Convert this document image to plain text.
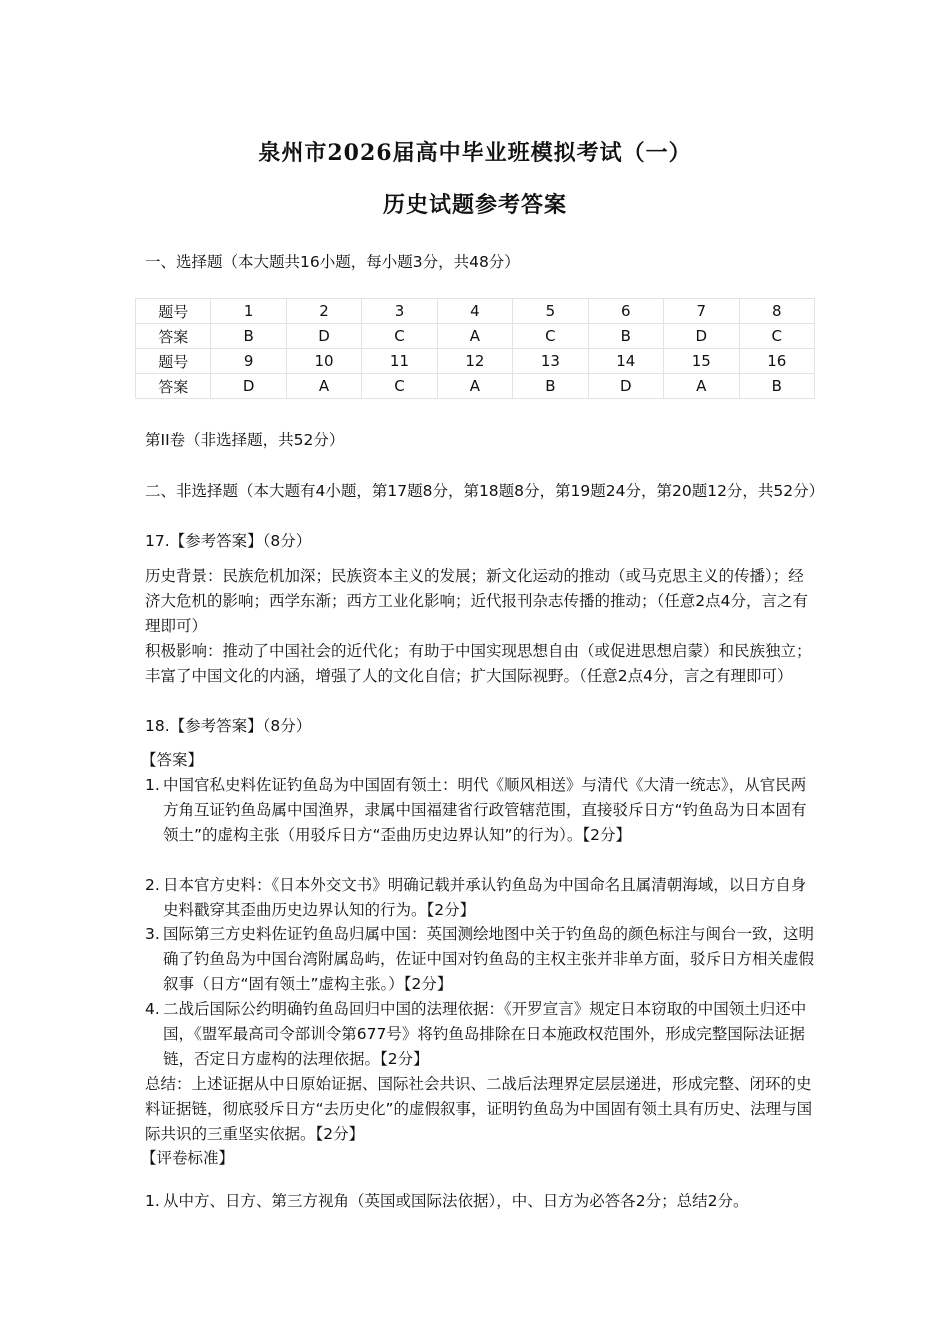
泉州市2026届高中毕业班模拟考试（一）
历史试题参考答案
一、选择题（本大题共16小题，每小题3分，共48分）
题号	1	2	3	4	5	6	7	8
答案	B	D	C	A	C	B	D	C
题号	9	10	11	12	13	14	15	16
答案	D	A	C	A	B	D	A	B
第II卷（非选择题，共52分）
二、非选择题（本大题有4小题，第17题8分，第18题8分，第19题24分，第20题12分，共52分）
17.【参考答案】（8分）
历史背景：民族危机加深；民族资本主义的发展；新文化运动的推动（或马克思主义的传播）；经济大危机的影响；西学东渐；西方工业化影响；近代报刊杂志传播的推动；（任意2点4分，言之有理即可）
积极影响：推动了中国社会的近代化；有助于中国实现思想自由（或促进思想启蒙）和民族独立；丰富了中国文化的内涵，增强了人的文化自信；扩大国际视野。（任意2点4分，言之有理即可）
18.【参考答案】（8分）
【答案】
1. 中国官私史料佐证钓鱼岛为中国固有领土：明代《顺风相送》与清代《大清一统志》，从官民两方角互证钓鱼岛属中国渔界，隶属中国福建省行政管辖范围，直接驳斥日方“钓鱼岛为日本固有领土”的虚构主张（用驳斥日方“歪曲历史边界认知”的行为）。【2分】
2. 日本官方史料：《日本外交文书》明确记载并承认钓鱼岛为中国命名且属清朝海域，以日方自身史料戳穿其歪曲历史边界认知的行为。【2分】
3. 国际第三方史料佐证钓鱼岛归属中国：英国测绘地图中关于钓鱼岛的颜色标注与闽台一致，这明确了钓鱼岛为中国台湾附属岛屿，佐证中国对钓鱼岛的主权主张并非单方面，驳斥日方相关虚假叙事（日方“固有领土”虚构主张。）【2分】
4. 二战后国际公约明确钓鱼岛回归中国的法理依据：《开罗宣言》规定日本窃取的中国领土归还中国，《盟军最高司令部训令第677号》将钓鱼岛排除在日本施政权范围外，形成完整国际法证据链，否定日方虚构的法理依据。【2分】
总结：上述证据从中日原始证据、国际社会共识、二战后法理界定层层递进，形成完整、闭环的史料证据链，彻底驳斥日方“去历史化”的虚假叙事，证明钓鱼岛为中国固有领土具有历史、法理与国际共识的三重坚实依据。【2分】
【评卷标准】
1. 从中方、日方、第三方视角（英国或国际法依据），中、日方为必答各2分；总结2分。
